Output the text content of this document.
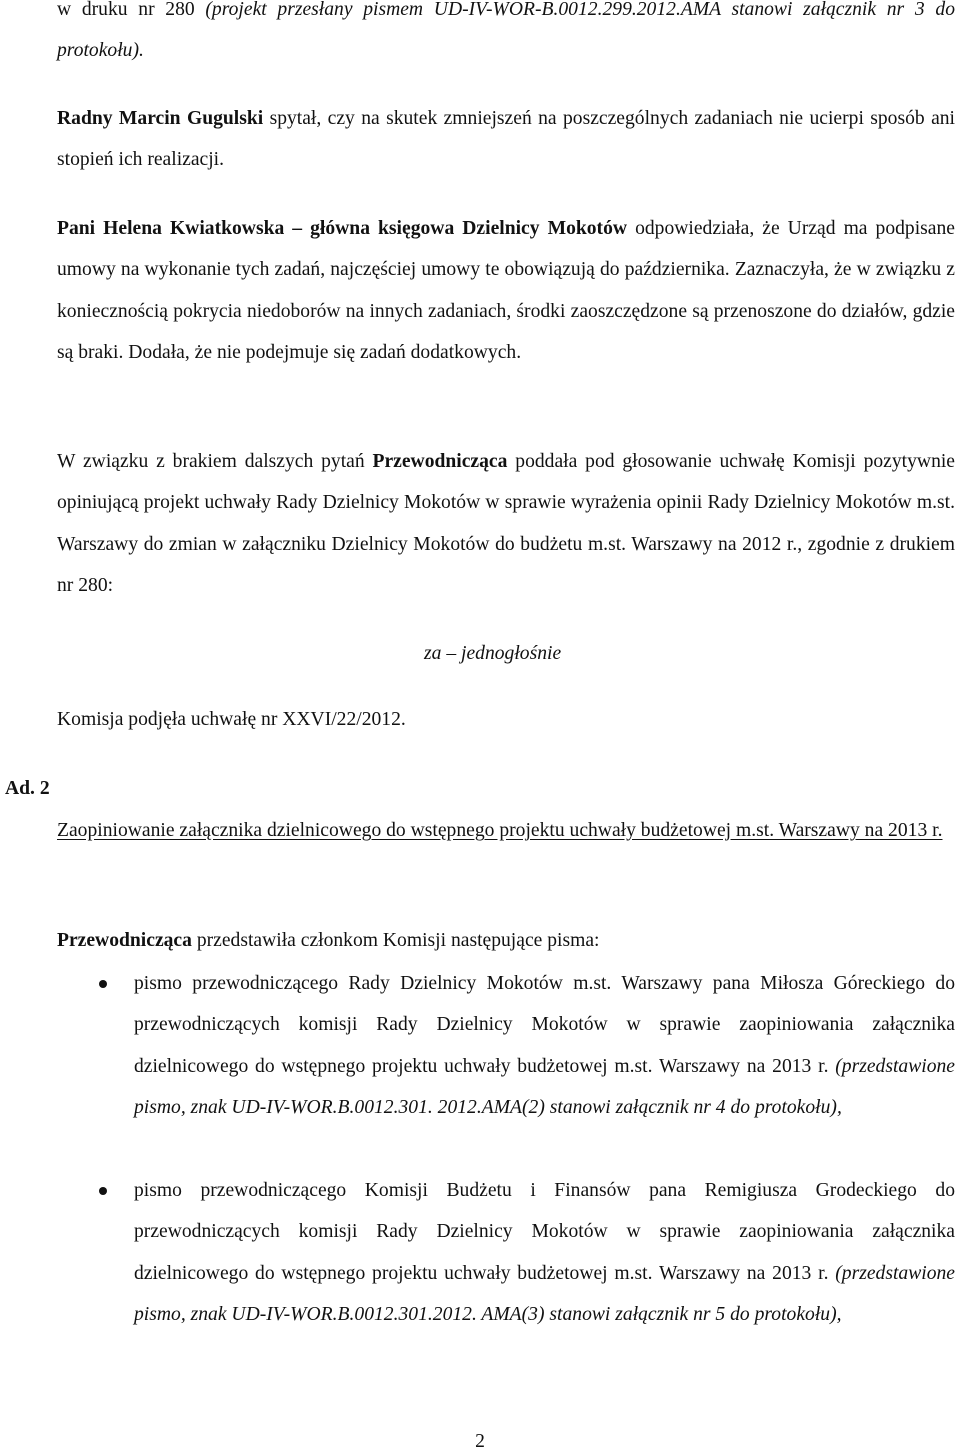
w druku nr 280 (projekt przesłany pismem UD-IV-WOR-B.0012.299.2012.AMA stanowi załącznik nr 3 do protokołu).

Radny Marcin Gugulski spytał, czy na skutek zmniejszeń na poszczególnych zadaniach nie ucierpi sposób ani stopień ich realizacji.

Pani Helena Kwiatkowska – główna księgowa Dzielnicy Mokotów odpowiedziała, że Urząd ma podpisane umowy na wykonanie tych zadań, najczęściej umowy te obowiązują do października. Zaznaczyła, że w związku z koniecznością pokrycia niedoborów na innych zadaniach, środki zaoszczędzone są przenoszone do działów, gdzie są braki. Dodała, że nie podejmuje się zadań dodatkowych.

W związku z brakiem dalszych pytań Przewodnicząca poddała pod głosowanie uchwałę Komisji pozytywnie opiniującą projekt uchwały Rady Dzielnicy Mokotów w sprawie wyrażenia opinii Rady Dzielnicy Mokotów m.st. Warszawy do zmian w załączniku Dzielnicy Mokotów do budżetu m.st. Warszawy na 2012 r., zgodnie z drukiem nr 280:

za – jednogłośnie

Komisja podjęła uchwałę nr XXVI/22/2012.

Ad. 2

Zaopiniowanie załącznika dzielnicowego do wstępnego projektu uchwały budżetowej m.st. Warszawy na 2013 r.

Przewodnicząca przedstawiła członkom Komisji następujące pisma:

pismo przewodniczącego Rady Dzielnicy Mokotów m.st. Warszawy pana Miłosza Góreckiego do przewodniczących komisji Rady Dzielnicy Mokotów w sprawie zaopiniowania załącznika dzielnicowego do wstępnego projektu uchwały budżetowej m.st. Warszawy na 2013 r. (przedstawione pismo, znak UD-IV-WOR.B.0012.301. 2012.AMA(2) stanowi załącznik nr 4 do protokołu),

pismo przewodniczącego Komisji Budżetu i Finansów pana Remigiusza Grodeckiego do przewodniczących komisji Rady Dzielnicy Mokotów w sprawie zaopiniowania załącznika dzielnicowego do wstępnego projektu uchwały budżetowej m.st. Warszawy na 2013 r. (przedstawione pismo, znak UD-IV-WOR.B.0012.301.2012. AMA(3) stanowi załącznik nr 5 do protokołu),

2
